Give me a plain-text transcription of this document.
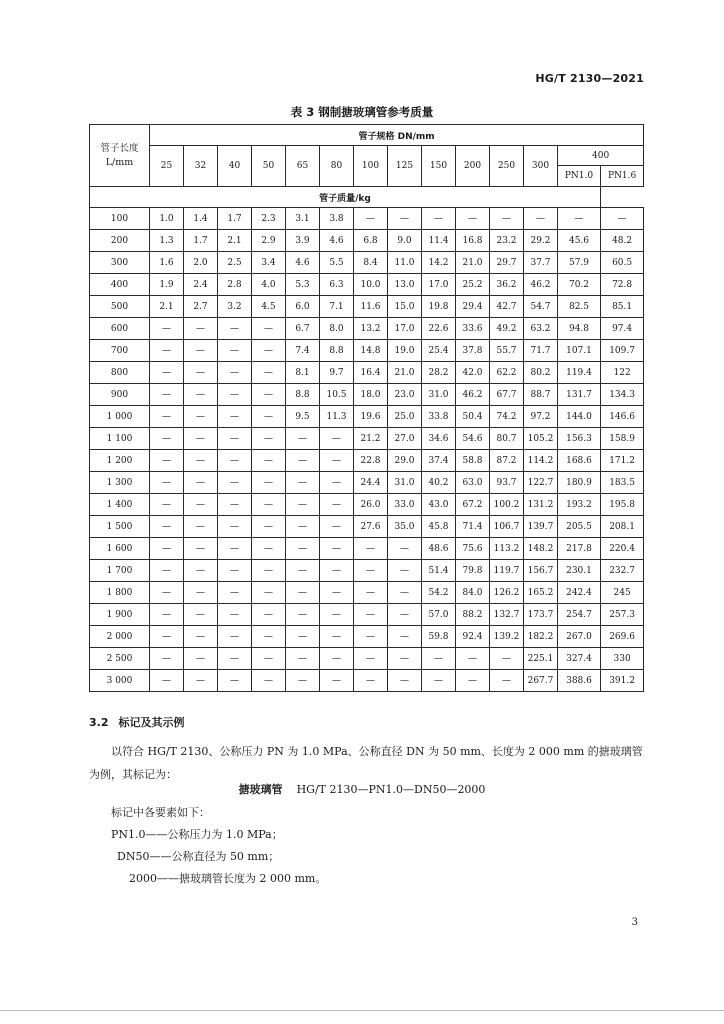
HG/T 2130—2021
表 3 钢制搪玻璃管参考质量
管子长度
L/mm	管子规格 DN/mm													
	25	32	40	50	65	80	100	125	150	200	250	300	400	
													PN1.0	PN1.6
管子质量/kg														
100	1.0	1.4	1.7	2.3	3.1	3.8	—	—	—	—	—	—	—	—
200	1.3	1.7	2.1	2.9	3.9	4.6	6.8	9.0	11.4	16.8	23.2	29.2	45.6	48.2
300	1.6	2.0	2.5	3.4	4.6	5.5	8.4	11.0	14.2	21.0	29.7	37.7	57.9	60.5
400	1.9	2.4	2.8	4.0	5.3	6.3	10.0	13.0	17.0	25.2	36.2	46.2	70.2	72.8
500	2.1	2.7	3.2	4.5	6.0	7.1	11.6	15.0	19.8	29.4	42.7	54.7	82.5	85.1
600	—	—	—	—	6.7	8.0	13.2	17.0	22.6	33.6	49.2	63.2	94.8	97.4
700	—	—	—	—	7.4	8.8	14.8	19.0	25.4	37.8	55.7	71.7	107.1	109.7
800	—	—	—	—	8.1	9.7	16.4	21.0	28.2	42.0	62.2	80.2	119.4	122
900	—	—	—	—	8.8	10.5	18.0	23.0	31.0	46.2	67.7	88.7	131.7	134.3
1 000	—	—	—	—	9.5	11.3	19.6	25.0	33.8	50.4	74.2	97.2	144.0	146.6
1 100	—	—	—	—	—	—	21.2	27.0	34.6	54.6	80.7	105.2	156.3	158.9
1 200	—	—	—	—	—	—	22.8	29.0	37.4	58.8	87.2	114.2	168.6	171.2
1 300	—	—	—	—	—	—	24.4	31.0	40.2	63.0	93.7	122.7	180.9	183.5
1 400	—	—	—	—	—	—	26.0	33.0	43.0	67.2	100.2	131.2	193.2	195.8
1 500	—	—	—	—	—	—	27.6	35.0	45.8	71.4	106.7	139.7	205.5	208.1
1 600	—	—	—	—	—	—	—	—	48.6	75.6	113.2	148.2	217.8	220.4
1 700	—	—	—	—	—	—	—	—	51.4	79.8	119.7	156.7	230.1	232.7
1 800	—	—	—	—	—	—	—	—	54.2	84.0	126.2	165.2	242.4	245
1 900	—	—	—	—	—	—	—	—	57.0	88.2	132.7	173.7	254.7	257.3
2 000	—	—	—	—	—	—	—	—	59.8	92.4	139.2	182.2	267.0	269.6
2 500	—	—	—	—	—	—	—	—	—	—	—	225.1	327.4	330
3 000	—	—	—	—	—	—	—	—	—	—	—	267.7	388.6	391.2
3.2 标记及其示例
以符合 HG/T 2130、公称压力 PN 为 1.0 MPa、公称直径 DN 为 50 mm、长度为 2 000 mm 的搪玻璃管为例，其标记为：
搪玻璃管 HG/T 2130—PN1.0—DN50—2000
标记中各要素如下：
PN1.0——公称压力为 1.0 MPa；
DN50——公称直径为 50 mm；
2000——搪玻璃管长度为 2 000 mm。
3
